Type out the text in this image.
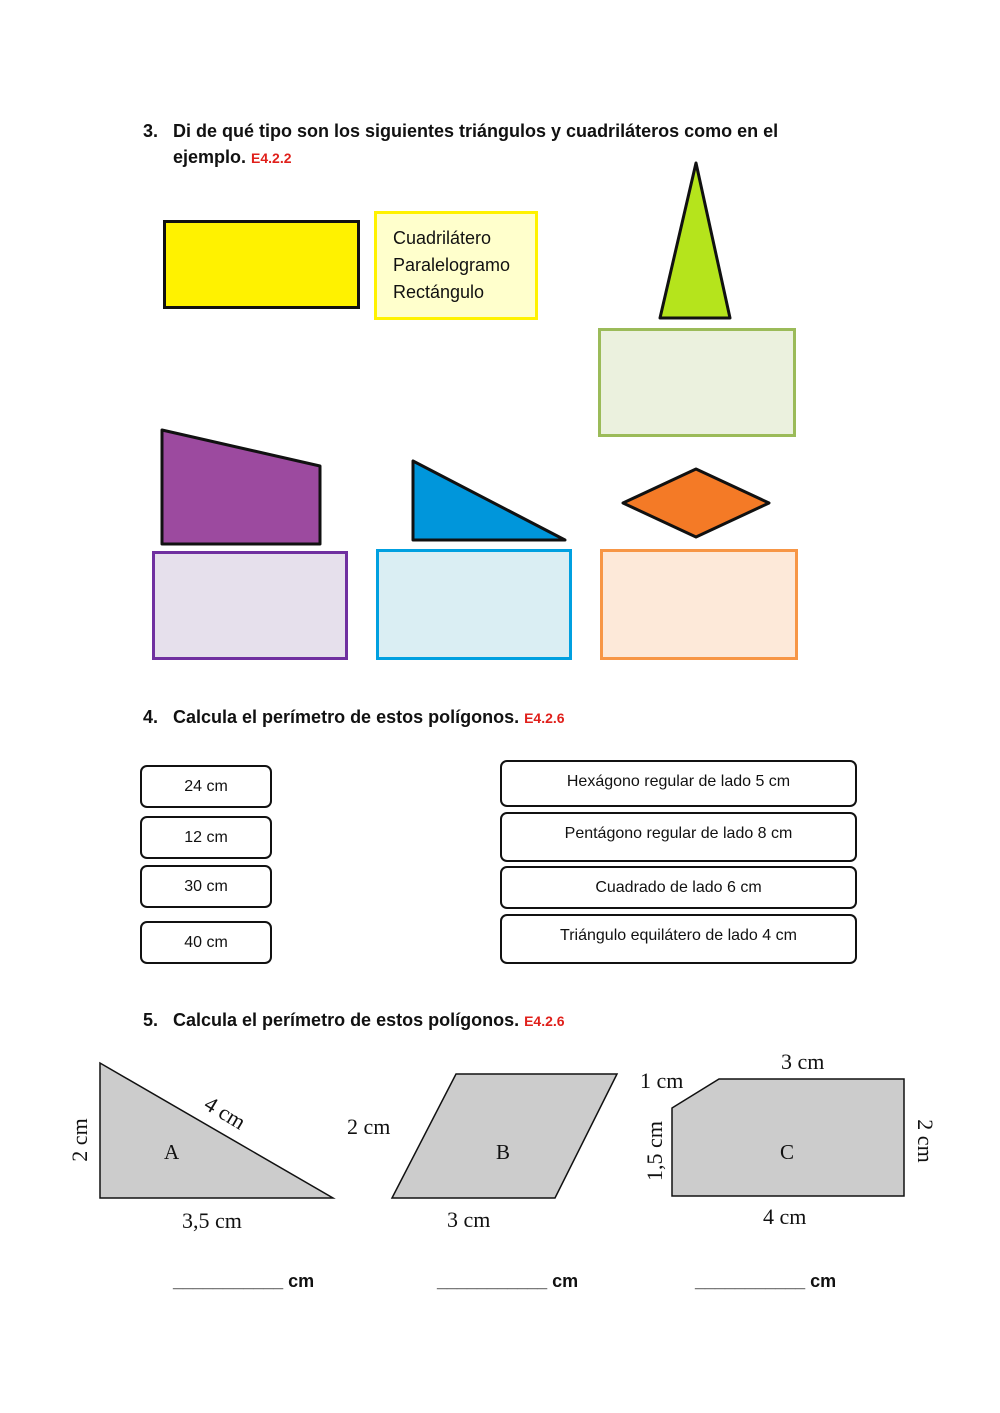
3. Di de qué tipo son los siguientes triángulos y cuadriláteros como en el
ejemplo. E4.2.2
Cuadrilátero
Paralelogramo
Rectángulo
4. Calcula el perímetro de estos polígonos. E4.2.6
24 cm
12 cm
30 cm
40 cm
Hexágono regular de lado 5 cm
Pentágono regular de lado 8 cm
Cuadrado de lado 6 cm
Triángulo equilátero de lado 4 cm
5. Calcula el perímetro de estos polígonos. E4.2.6
A
2 cm
4 cm
3,5 cm
B
2 cm
3 cm
C
1 cm
3 cm
1,5 cm	2 cm
4 cm
___________ cm	___________ cm	___________ cm
